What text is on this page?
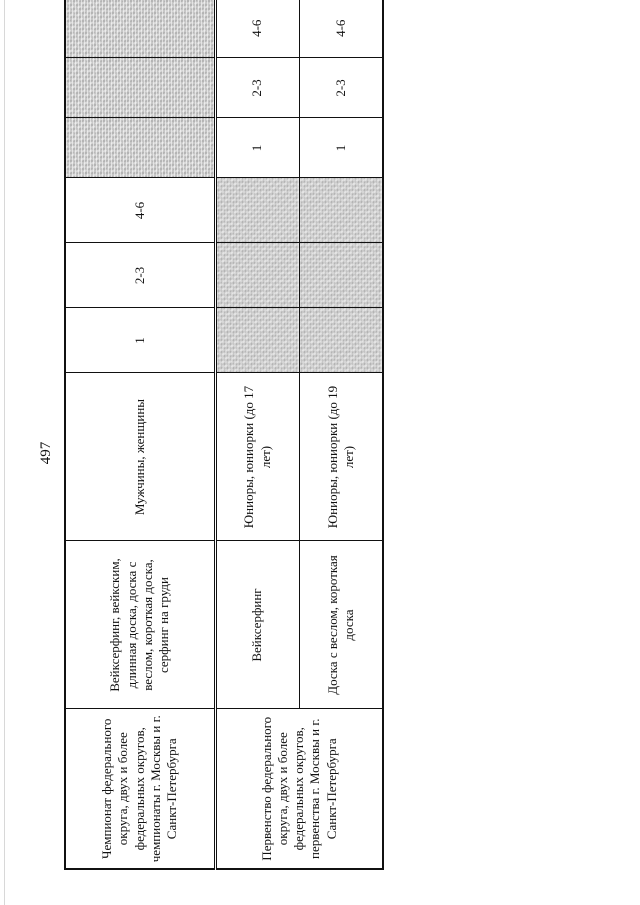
497
Чемпионат федерального округа, двух и более федеральных округов, чемпионаты г. Москвы и г. Санкт-Петербурга	Вейксерфинг, вейкским, длинная доска, доска с веслом, короткая доска, серфинг на груди	Мужчины, женщины	1	2-3	4-6			
Первенство федерального округа, двух и более федеральных округов, первенства г. Москвы и г. Санкт-Петербурга	Вейксерфинг	Юниоры, юниорки (до 17 лет)				1	2-3	4-6
	Доска с веслом, короткая доска	Юниоры, юниорки (до 19 лет)				1	2-3	4-6
